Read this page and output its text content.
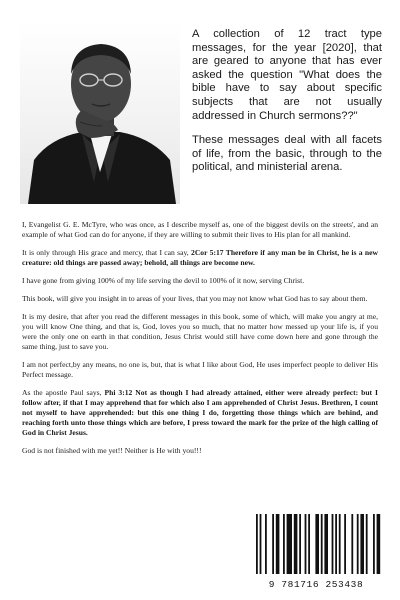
A collection of 12 tract type messages, for the year [2020], that are geared to anyone that has ever asked the question "What does the bible have to say about specific subjects that are not usually addressed in Church sermons??"

These messages deal with all facets of life, from the basic, through to the political, and ministerial arena.

I, Evangelist G. E. McTyre, who was once, as I describe myself as, one of the biggest devils on the streets', and an example of what God can do for anyone, if they are willing to submit their lives to His plan for all mankind.

It is only through His grace and mercy, that I can say, 2Cor 5:17 Therefore if any man be in Christ, he is a new creature: old things are passed away; behold, all things are become new.

I have gone from giving 100% of my life serving the devil to 100% of it now, serving Christ.

This book, will give you insight in to areas of your lives, that you may not know what God has to say about them.

It is my desire, that after you read the different messages in this book, some of which, will make you angry at me, you will know One thing, and that is, God, loves you so much, that no matter how messed up your life is, if you were the only one on earth in that condition, Jesus Christ would still have come down here and gone through the same thing, just to save you.

I am not perfect,by any means, no one is, but, that is what I like about God, He uses imperfect people to deliver His Perfect message.

As the apostle Paul says, Phi 3:12 Not as though I had already attained, either were already perfect: but I follow after, if that I may apprehend that for which also I am apprehended of Christ Jesus. Brethren, I count not myself to have apprehended: but this one thing I do, forgetting those things which are behind, and reaching forth unto those things which are before, I press toward the mark for the prize of the high calling of God in Christ Jesus.

God is not finished with me yet!! Neither is He with you!!!

9 781716 253438
